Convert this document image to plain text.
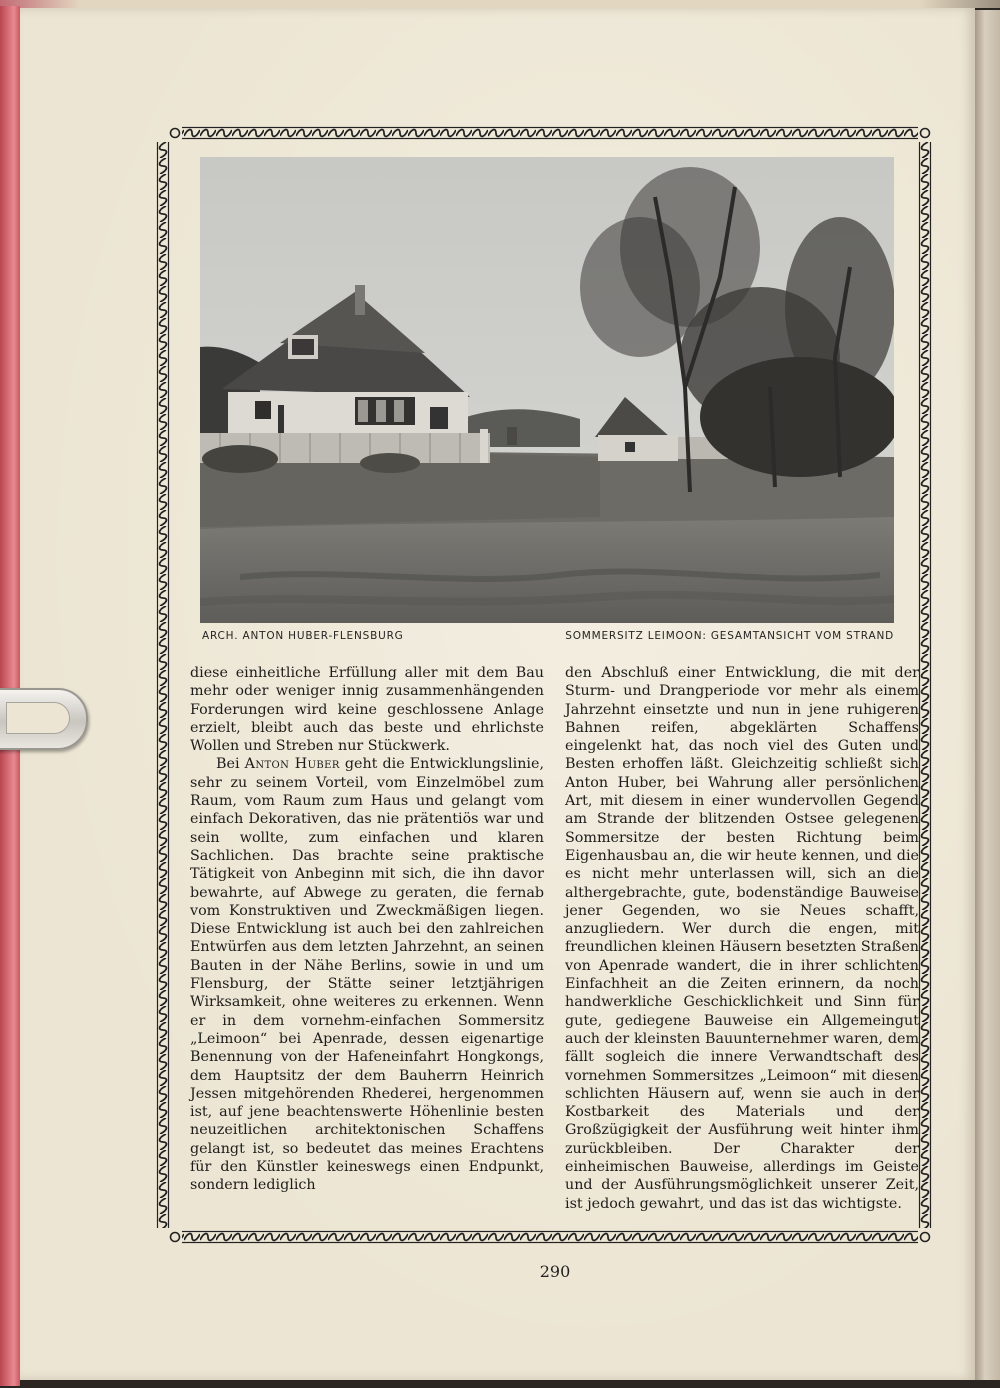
ARCH. ANTON HUBER-FLENSBURG	SOMMERSITZ LEIMOON: GESAMTANSICHT VOM STRAND

diese einheitliche Erfüllung aller mit dem Bau mehr oder weniger innig zusammenhängenden Forderungen wird keine geschlossene Anlage erzielt, bleibt auch das beste und ehrlichste Wollen und Streben nur Stückwerk.

Bei Anton Huber geht die Entwicklungslinie, sehr zu seinem Vorteil, vom Einzelmöbel zum Raum, vom Raum zum Haus und gelangt vom einfach Dekorativen, das nie prätentiös war und sein wollte, zum einfachen und klaren Sachlichen. Das brachte seine praktische Tätigkeit von Anbeginn mit sich, die ihn davor bewahrte, auf Abwege zu geraten, die fernab vom Konstruktiven und Zweckmäßigen liegen. Diese Entwicklung ist auch bei den zahlreichen Entwürfen aus dem letzten Jahrzehnt, an seinen Bauten in der Nähe Berlins, sowie in und um Flensburg, der Stätte seiner letztjährigen Wirksamkeit, ohne weiteres zu erkennen. Wenn er in dem vornehm-einfachen Sommersitz „Leimoon“ bei Apenrade, dessen eigenartige Benennung von der Hafeneinfahrt Hongkongs, dem Hauptsitz der dem Bauherrn Heinrich Jessen mitgehörenden Rhederei, hergenommen ist, auf jene beachtenswerte Höhenlinie besten neuzeitlichen architektonischen Schaffens gelangt ist, so bedeutet das meines Erachtens für den Künstler keineswegs einen Endpunkt, sondern lediglich

den Abschluß einer Entwicklung, die mit der Sturm- und Drangperiode vor mehr als einem Jahrzehnt einsetzte und nun in jene ruhigeren Bahnen reifen, abgeklärten Schaffens eingelenkt hat, das noch viel des Guten und Besten erhoffen läßt. Gleichzeitig schließt sich Anton Huber, bei Wahrung aller persönlichen Art, mit diesem in einer wundervollen Gegend am Strande der blitzenden Ostsee gelegenen Sommersitze der besten Richtung beim Eigenhausbau an, die wir heute kennen, und die es nicht mehr unterlassen will, sich an die althergebrachte, gute, bodenständige Bauweise jener Gegenden, wo sie Neues schafft, anzugliedern. Wer durch die engen, mit freundlichen kleinen Häusern besetzten Straßen von Apenrade wandert, die in ihrer schlichten Einfachheit an die Zeiten erinnern, da noch handwerkliche Geschicklichkeit und Sinn für gute, gediegene Bauweise ein Allgemeingut auch der kleinsten Bauunternehmer waren, dem fällt sogleich die innere Verwandtschaft des vornehmen Sommersitzes „Leimoon“ mit diesen schlichten Häusern auf, wenn sie auch in der Kostbarkeit des Materials und der Großzügigkeit der Ausführung weit hinter ihm zurückbleiben. Der Charakter der einheimischen Bauweise, allerdings im Geiste und der Ausführungsmöglichkeit unserer Zeit, ist jedoch gewahrt, und das ist das wichtigste.

290
